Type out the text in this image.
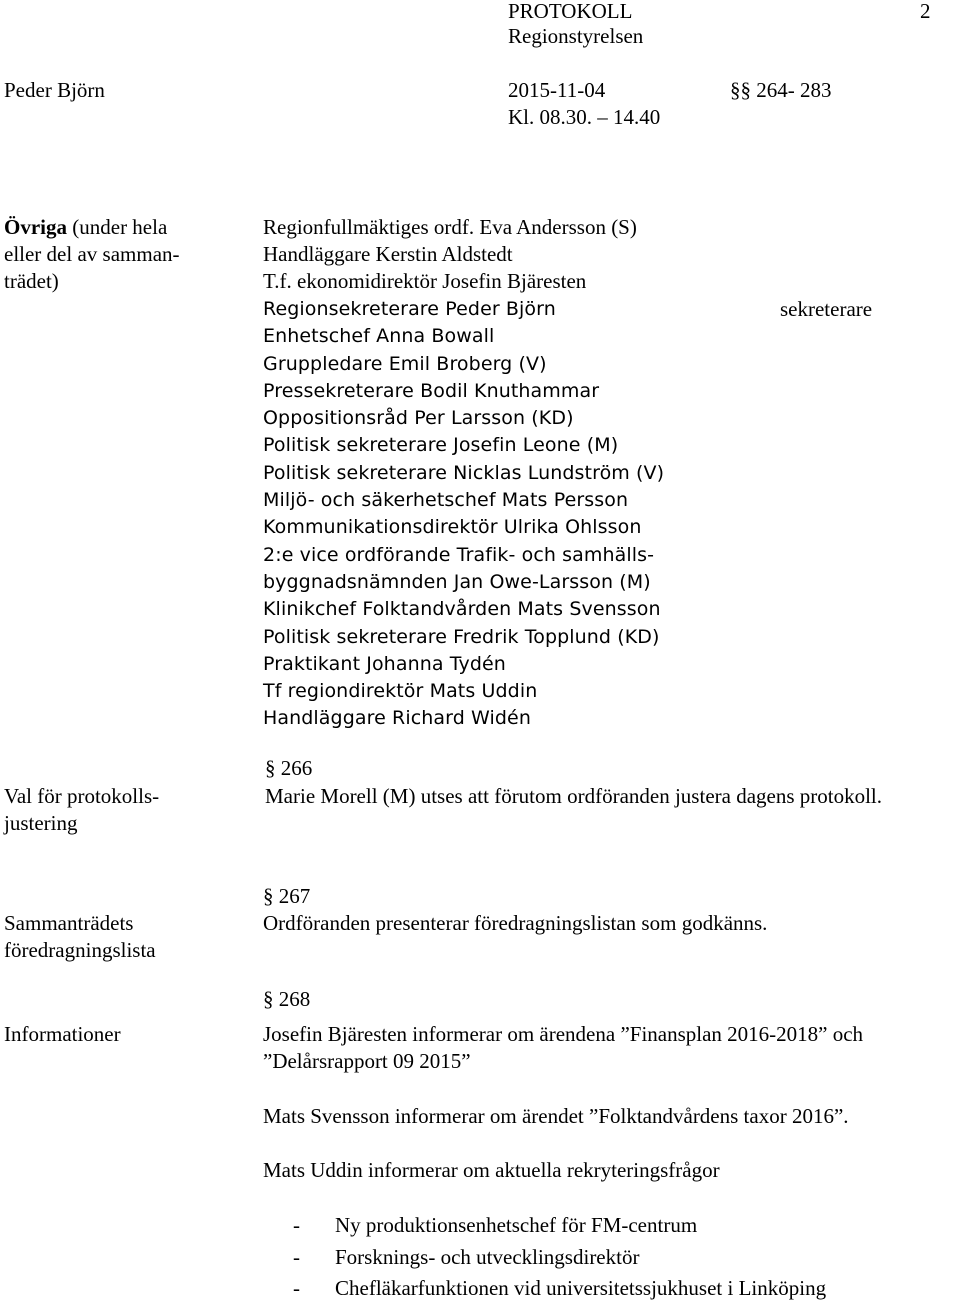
PROTOKOLL	2
Regionstyrelsen
Peder Björn	2015-11-04	§§ 264- 283
Kl. 08.30. – 14.40
Övriga (under hela
eller del av samman-
trädet)
Regionfullmäktiges ordf. Eva Andersson (S)
Handläggare Kerstin Aldstedt
T.f. ekonomidirektör Josefin Bjäresten
sekreterare
Regionsekreterare Peder Björn
Enhetschef Anna Bowall
Gruppledare Emil Broberg (V)
Pressekreterare Bodil Knuthammar
Oppositionsråd Per Larsson (KD)
Politisk sekreterare Josefin Leone (M)
Politisk sekreterare Nicklas Lundström (V)
Miljö- och säkerhetschef Mats Persson
Kommunikationsdirektör Ulrika Ohlsson
2:e vice ordförande Trafik- och samhälls-
byggnadsnämnden Jan Owe-Larsson (M)
Klinikchef Folktandvården Mats Svensson
Politisk sekreterare Fredrik Topplund (KD)
Praktikant Johanna Tydén
Tf regiondirektör Mats Uddin
Handläggare Richard Widén
§ 266
Val för protokolls-
justering
Marie Morell (M) utses att förutom ordföranden justera dagens protokoll.
§ 267
Sammanträdets
föredragningslista
Ordföranden presenterar föredragningslistan som godkänns.
§ 268
Informationer	Josefin Bjäresten informerar om ärendena ”Finansplan 2016-2018” och
”Delårsrapport 09 2015”
Mats Svensson informerar om ärendet ”Folktandvårdens taxor 2016”.
Mats Uddin informerar om aktuella rekryteringsfrågor
- Ny produktionsenhetschef för FM-centrum
- Forsknings- och utvecklingsdirektör
- Chefläkarfunktionen vid universitetssjukhuset i Linköping
